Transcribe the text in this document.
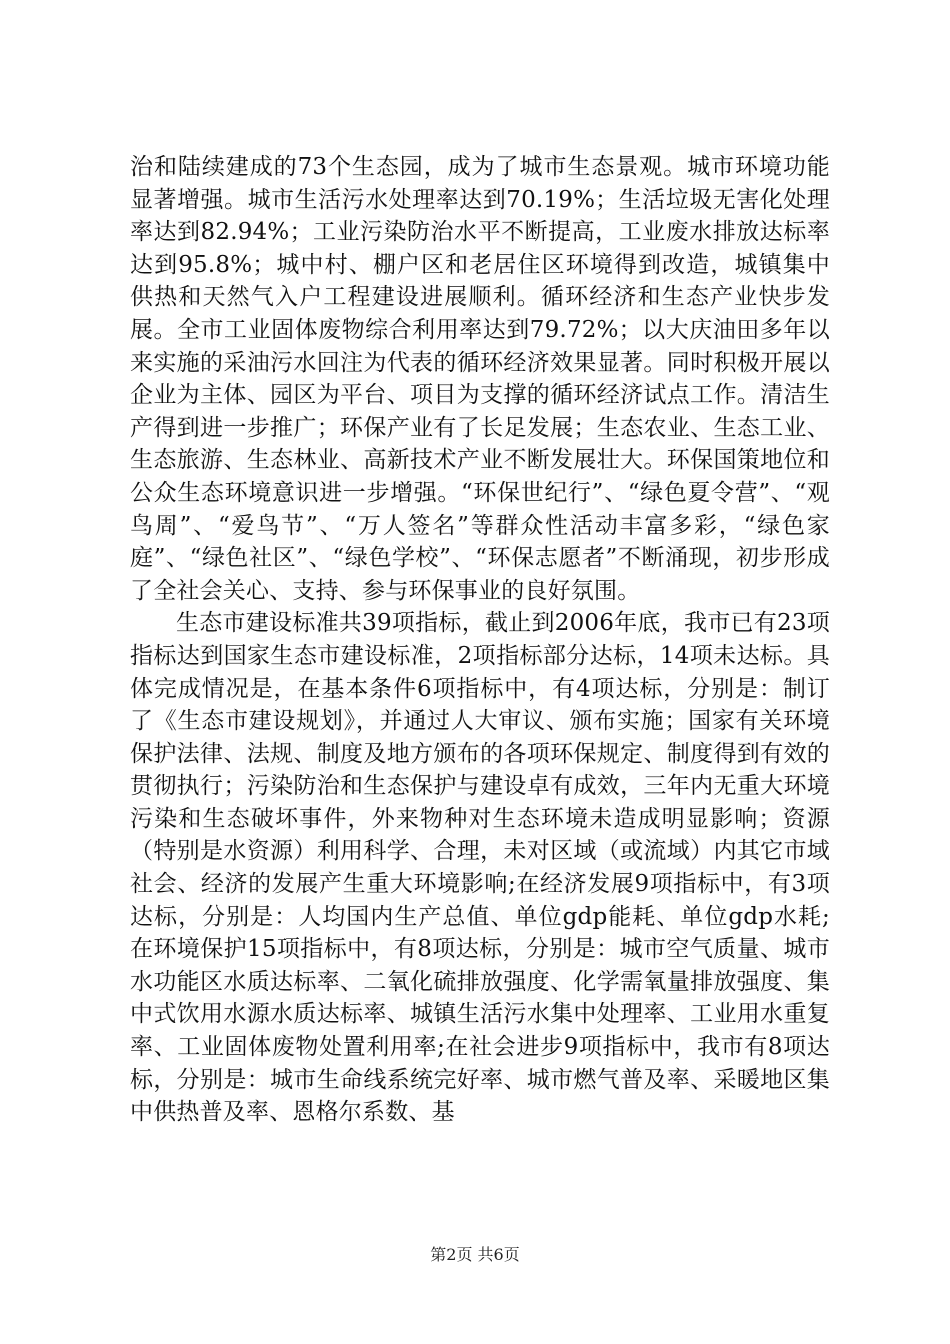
治和陆续建成的73个生态园，成为了城市生态景观。城市环境功能显著增强。城市生活污水处理率达到70.19%；生活垃圾无害化处理率达到82.94%；工业污染防治水平不断提高，工业废水排放达标率达到95.8%；城中村、棚户区和老居住区环境得到改造，城镇集中供热和天然气入户工程建设进展顺利。循环经济和生态产业快步发展。全市工业固体废物综合利用率达到79.72%；以大庆油田多年以来实施的采油污水回注为代表的循环经济效果显著。同时积极开展以企业为主体、园区为平台、项目为支撑的循环经济试点工作。清洁生产得到进一步推广；环保产业有了长足发展；生态农业、生态工业、生态旅游、生态林业、高新技术产业不断发展壮大。环保国策地位和公众生态环境意识进一步增强。“环保世纪行”、“绿色夏令营”、“观鸟周”、“爱鸟节”、“万人签名”等群众性活动丰富多彩，“绿色家庭”、“绿色社区”、“绿色学校”、“环保志愿者”不断涌现，初步形成了全社会关心、支持、参与环保事业的良好氛围。

生态市建设标准共39项指标，截止到2006年底，我市已有23项指标达到国家生态市建设标准，2项指标部分达标，14项未达标。具体完成情况是，在基本条件6项指标中，有4项达标，分别是：制订了《生态市建设规划》，并通过人大审议、颁布实施；国家有关环境保护法律、法规、制度及地方颁布的各项环保规定、制度得到有效的贯彻执行；污染防治和生态保护与建设卓有成效，三年内无重大环境污染和生态破坏事件，外来物种对生态环境未造成明显影响；资源（特别是水资源）利用科学、合理，未对区域（或流域）内其它市域社会、经济的发展产生重大环境影响;在经济发展9项指标中，有3项达标，分别是：人均国内生产总值、单位gdp能耗、单位gdp水耗;在环境保护15项指标中，有8项达标，分别是：城市空气质量、城市水功能区水质达标率、二氧化硫排放强度、化学需氧量排放强度、集中式饮用水源水质达标率、城镇生活污水集中处理率、工业用水重复率、工业固体废物处置利用率;在社会进步9项指标中，我市有8项达标，分别是：城市生命线系统完好率、城市燃气普及率、采暖地区集中供热普及率、恩格尔系数、基

第2页 共6页
